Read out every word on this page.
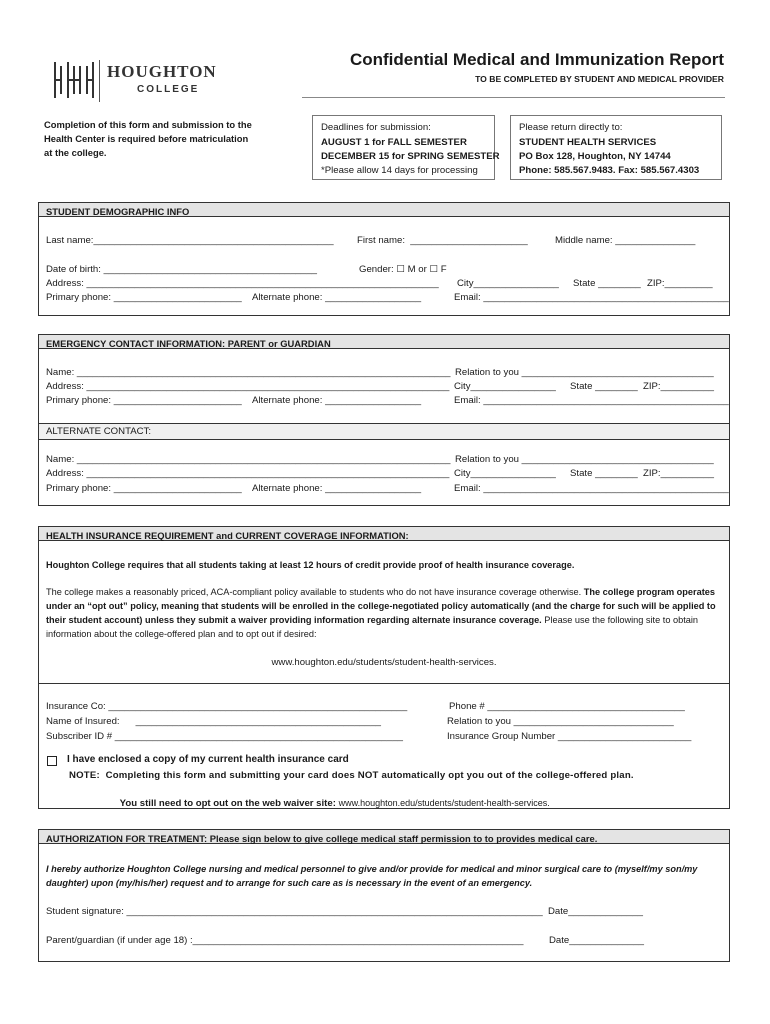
HOUGHTON
COLLEGE
Confidential Medical and Immunization Report
TO BE COMPLETED BY STUDENT AND MEDICAL PROVIDER
Completion of this form and submission to the
Health Center is required before matriculation
at the college.
Deadlines for submission:
AUGUST 1 for FALL SEMESTER
DECEMBER 15 for SPRING SEMESTER
*Please allow 14 days for processing
Please return directly to:
STUDENT HEALTH SERVICES
PO Box 128, Houghton, NY 14744
Phone: 585.567.9483. Fax: 585.567.4303
STUDENT DEMOGRAPHIC INFO
Last name:_____________________________________________ First name:  ______________________	Middle name: _______________
Date of birth: ________________________________________	Gender: ☐ M or ☐ F
Address: __________________________________________________________________ City________________ State ________ ZIP:_________
Primary phone: ________________________ Alternate phone: __________________	Email: ______________________________________________
EMERGENCY CONTACT INFORMATION: PARENT or GUARDIAN
Name: ______________________________________________________________________ Relation to you ____________________________________
Address: ____________________________________________________________________ City________________ State ________ ZIP:__________
Primary phone: ________________________ Alternate phone: __________________	Email: ______________________________________________
ALTERNATE CONTACT:
Name: ______________________________________________________________________ Relation to you ____________________________________
Address: ____________________________________________________________________ City________________ State ________ ZIP:__________
Primary phone: ________________________ Alternate phone: __________________	Email: ______________________________________________
HEALTH INSURANCE REQUIREMENT and CURRENT COVERAGE INFORMATION:
Houghton College requires that all students taking at least 12 hours of credit provide proof of health insurance coverage.
The college makes a reasonably priced, ACA-compliant policy available to students who do not have insurance coverage otherwise. The college program operates under an “opt out” policy, meaning that students will be enrolled in the college-negotiated policy automatically (and the charge for such will be applied to their student account) unless they submit a waiver providing information regarding alternate insurance coverage. Please use the following site to obtain information about the college-offered plan and to opt out if desired:
www.houghton.edu/students/student-health-services.
Insurance Co: ________________________________________________________	Phone # _____________________________________
Name of Insured:      ______________________________________________	Relation to you ______________________________
Subscriber ID # ______________________________________________________	Insurance Group Number _________________________
I have enclosed a copy of my current health insurance card
NOTE:  Completing this form and submitting your card does NOT automatically opt you out of the college-offered plan.

You still need to opt out on the web waiver site: www.houghton.edu/students/student-health-services.

AUTHORIZATION FOR TREATMENT: Please sign below to give college medical staff permission to to provides medical care.
I hereby authorize Houghton College nursing and medical personnel to give and/or provide for medical and minor surgical care to (myself/my son/my daughter) upon (my/his/her) request and to arrange for such care as is necessary in the event of an emergency.
Student signature: ______________________________________________________________________________ Date______________
Parent/guardian (if under age 18) :______________________________________________________________	Date______________
